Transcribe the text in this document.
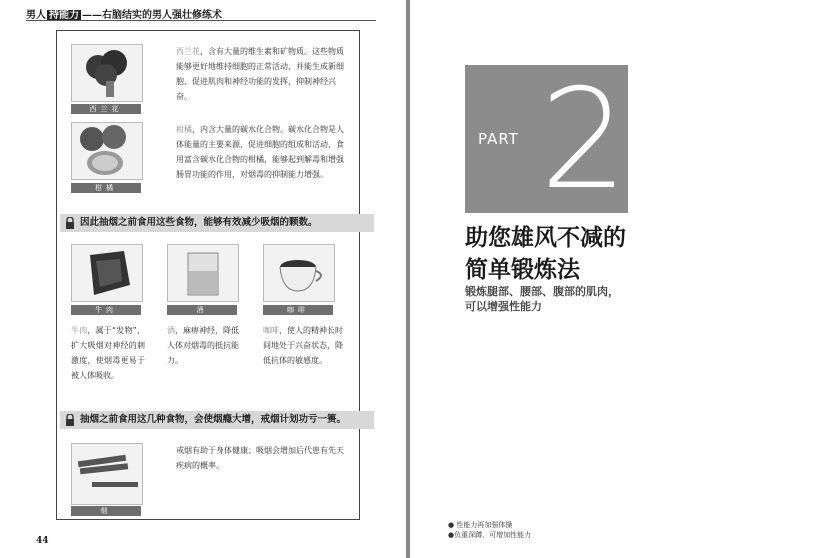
男人 持能力 ——右脑结实的男人强壮修练术
西兰花
西兰花，含有大量的维生素和矿物质。这些物质能够更好地维持细胞的正常活动，并能生成新细胞、促进肌肉和神经功能的发挥，抑制神经兴奋。
柑橘
柑橘，内含大量的碳水化合物。碳水化合物是人体能量的主要来源，促进细胞的组成和活动，食用富含碳水化合物的柑橘，能够起到解毒和增强肠胃功能的作用，对烟毒的抑制能力增强。
因此抽烟之前食用这些食物，能够有效减少吸烟的颗数。
牛肉
牛肉，属于“发物”，扩大吸烟对神经的刺激度，使烟毒更易于被人体吸收。
酒
酒，麻痹神经，降低人体对烟毒的抵抗能力。
咖啡
咖啡，使人的精神长时间地处于兴奋状态，降低抗体的敏感度。
抽烟之前食用这几种食物，会使烟瘾大增，戒烟计划功亏一篑。
烟
戒烟有助于身体健康；吸烟会增加后代患有先天疾病的概率。
44
PART 2
助您雄风不减的
简单锻炼法
锻炼腿部、腰部、腹部的肌肉，
可以增强性能力
● 性能力再加强体操
●负重深蹲，可增加性能力
